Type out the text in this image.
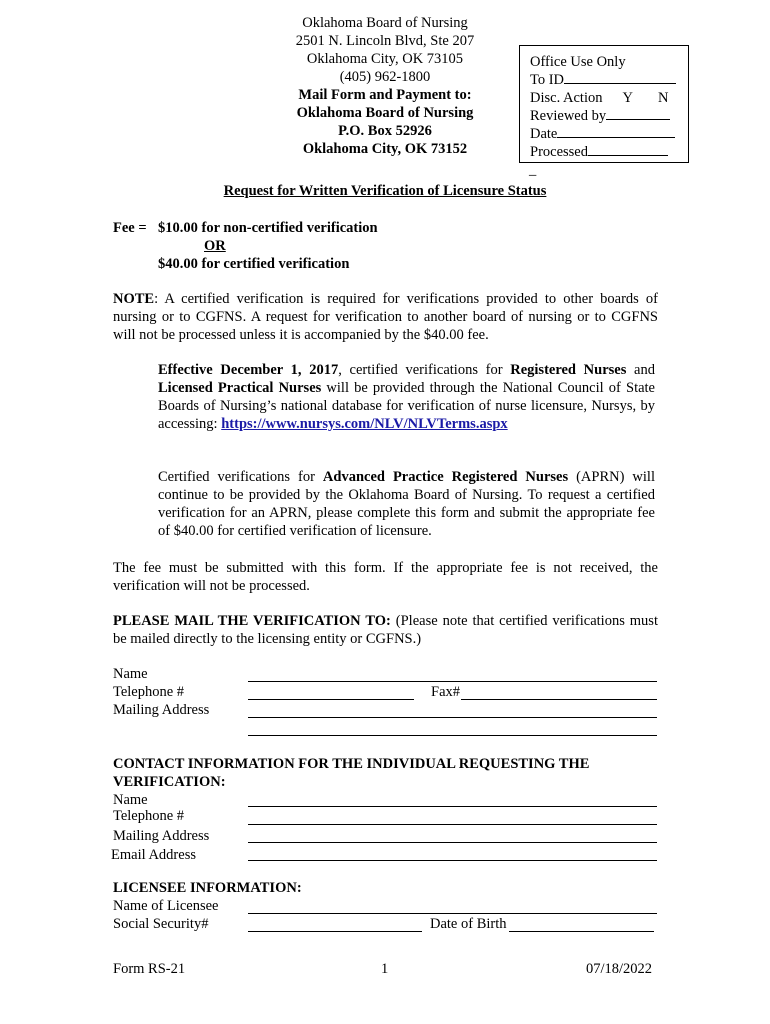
Oklahoma Board of Nursing
2501 N. Lincoln Blvd, Ste 207
Oklahoma City, OK 73105
(405) 962-1800
Mail Form and Payment to:
Oklahoma Board of Nursing
P.O. Box 52926
Oklahoma City, OK 73152
Office Use Only
To ID
Disc. Action Y N
Reviewed by
Date
Processed
_
Request for Written Verification of Licensure Status
Fee = $10.00 for non-certified verification
OR
$40.00 for certified verification
NOTE: A certified verification is required for verifications provided to other boards of nursing or to CGFNS. A request for verification to another board of nursing or to CGFNS will not be processed unless it is accompanied by the $40.00 fee.
Effective December 1, 2017, certified verifications for Registered Nurses and Licensed Practical Nurses will be provided through the National Council of State Boards of Nursing’s national database for verification of nurse licensure, Nursys, by accessing: https://www.nursys.com/NLV/NLVTerms.aspx
Certified verifications for Advanced Practice Registered Nurses (APRN) will continue to be provided by the Oklahoma Board of Nursing. To request a certified verification for an APRN, please complete this form and submit the appropriate fee of $40.00 for certified verification of licensure.
The fee must be submitted with this form. If the appropriate fee is not received, the verification will not be processed.
PLEASE MAIL THE VERIFICATION TO: (Please note that certified verifications must be mailed directly to the licensing entity or CGFNS.)
Name
Telephone #	Fax#
Mailing Address
CONTACT INFORMATION FOR THE INDIVIDUAL REQUESTING THE VERIFICATION:
Name
Telephone #
Mailing Address
Email Address
LICENSEE INFORMATION:
Name of Licensee
Social Security#	Date of Birth
Form RS-21	1	07/18/2022
